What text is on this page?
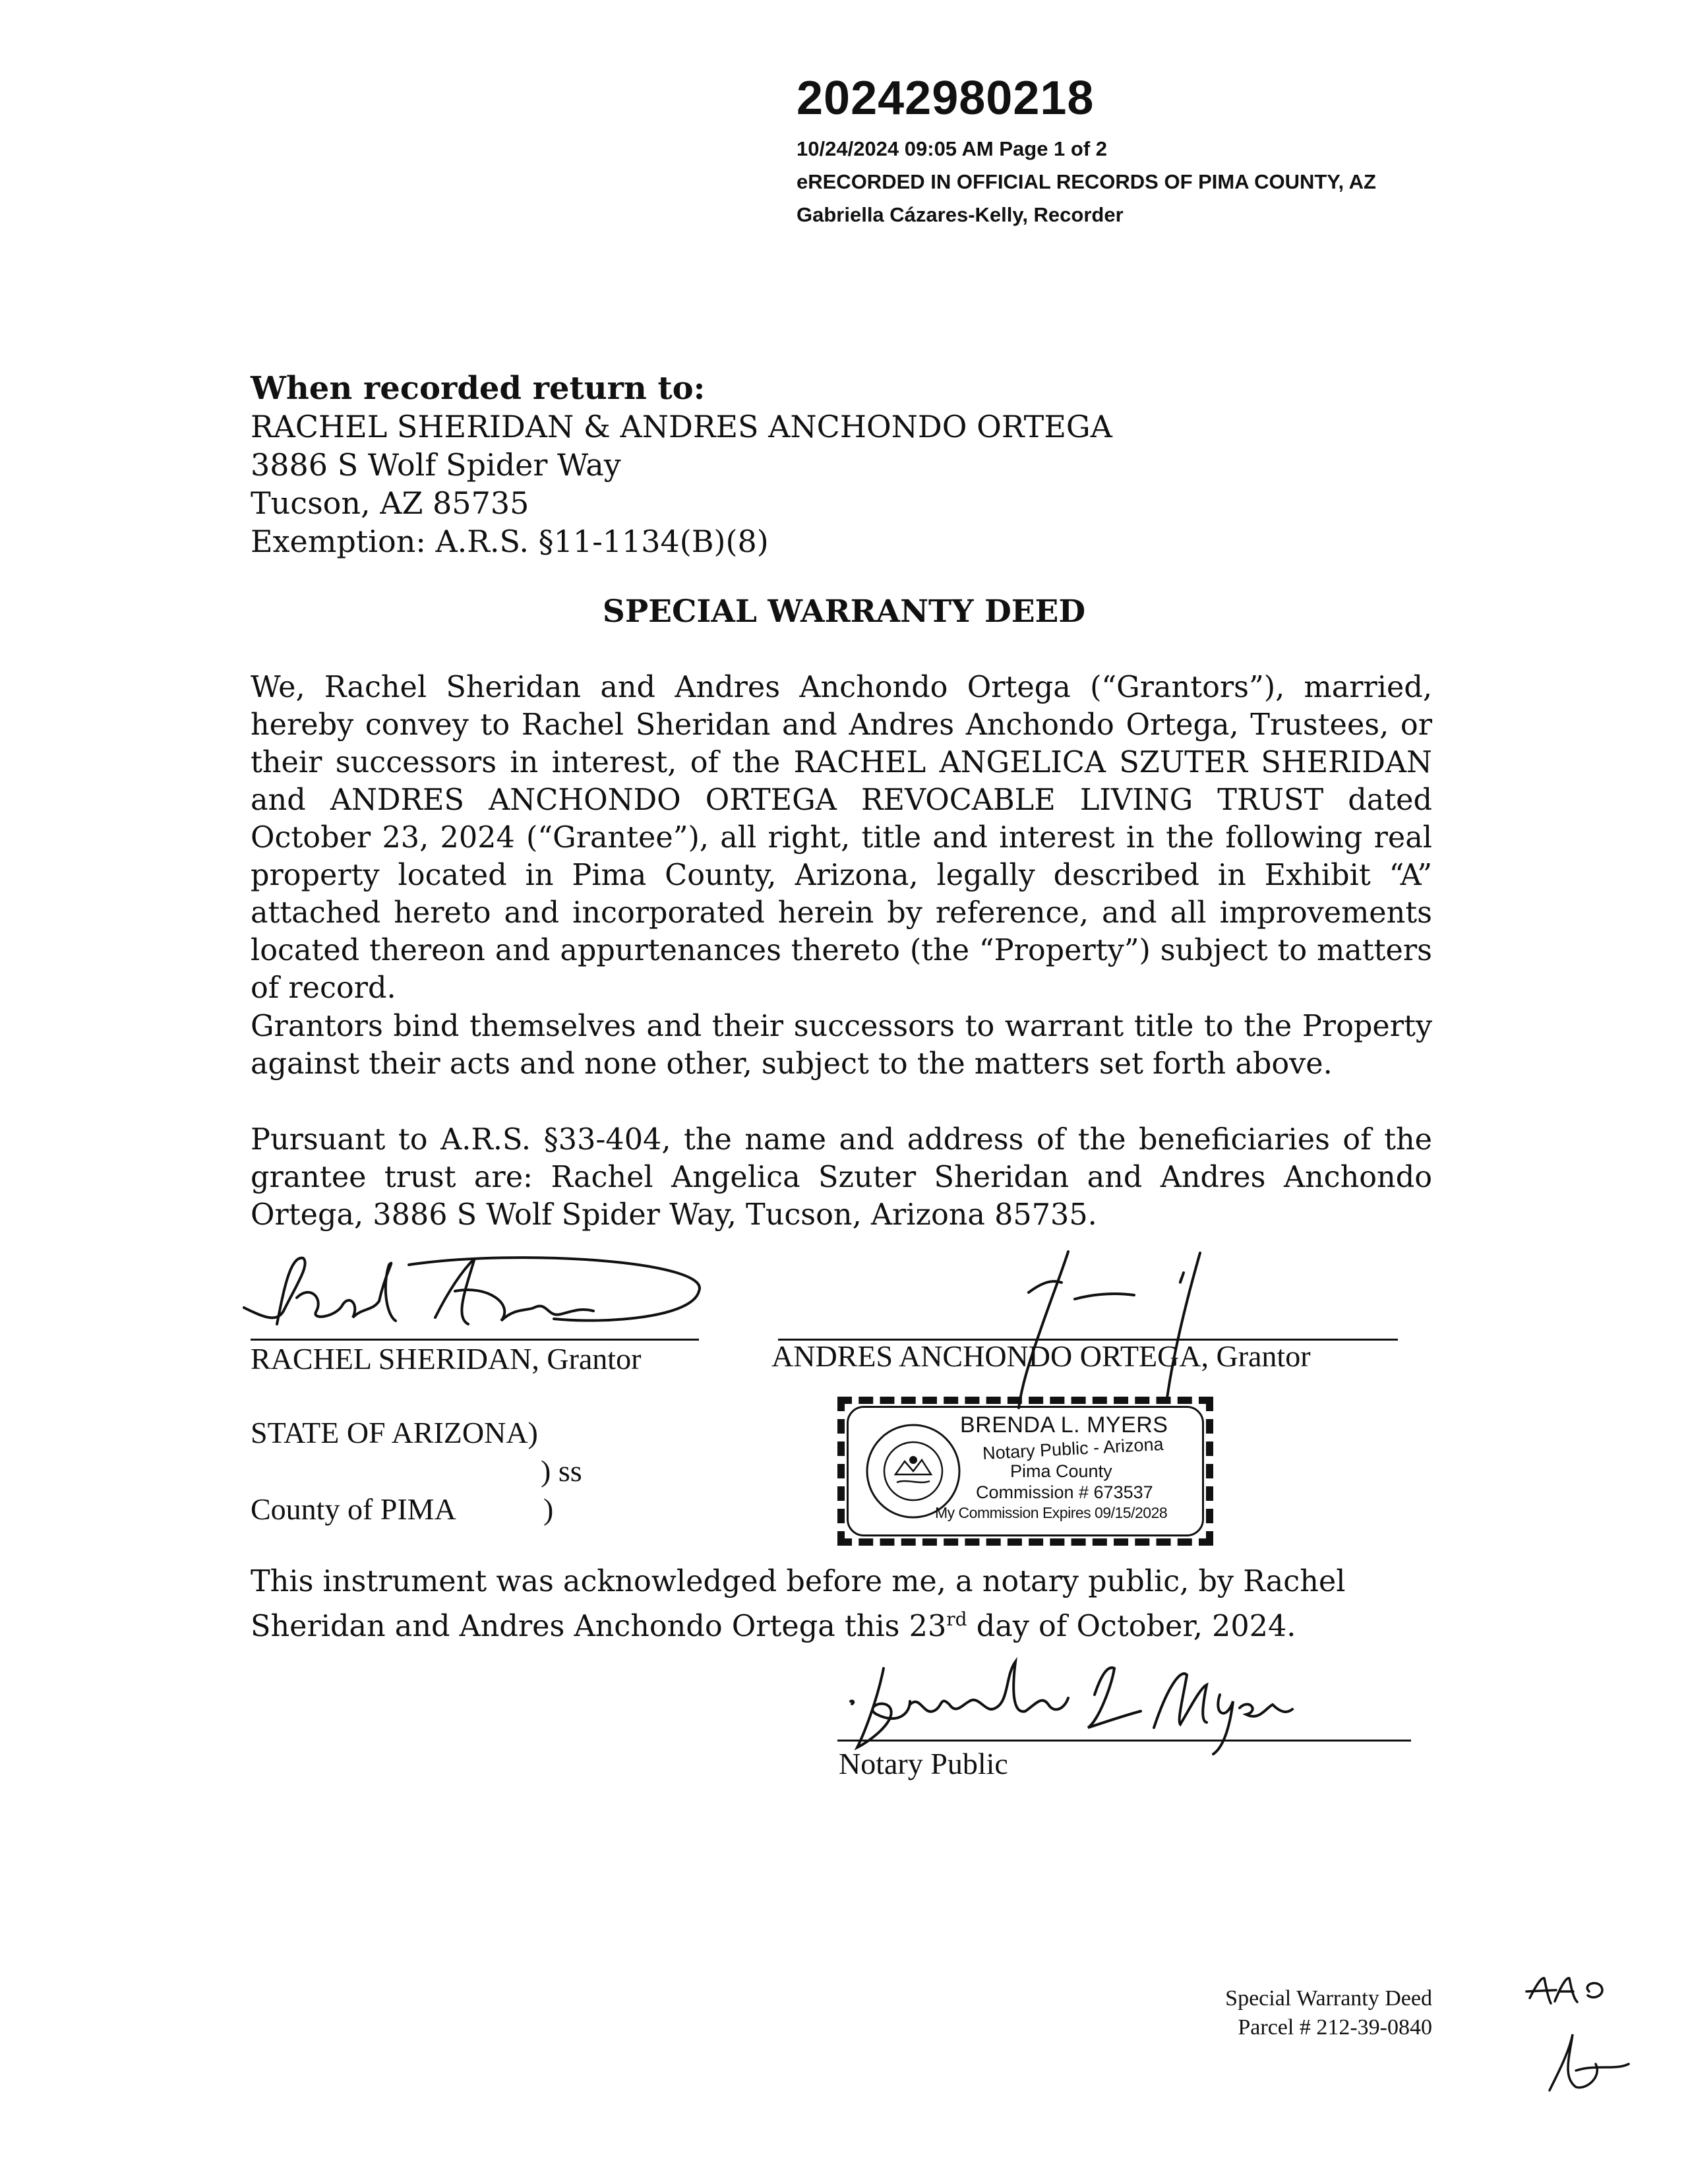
20242980218
10/24/2024 09:05 AM Page 1 of 2
eRECORDED IN OFFICIAL RECORDS OF PIMA COUNTY, AZ
Gabriella Cázares-Kelly, Recorder
When recorded return to:
RACHEL SHERIDAN & ANDRES ANCHONDO ORTEGA
3886 S Wolf Spider Way
Tucson, AZ 85735
Exemption: A.R.S. §11-1134(B)(8)
SPECIAL WARRANTY DEED

We, Rachel Sheridan and Andres Anchondo Ortega (“Grantors”), married, hereby convey to Rachel Sheridan and Andres Anchondo Ortega, Trustees, or their successors in interest, of the RACHEL ANGELICA SZUTER SHERIDAN and ANDRES ANCHONDO ORTEGA REVOCABLE LIVING TRUST dated October 23, 2024 (“Grantee”), all right, title and interest in the following real property located in Pima County, Arizona, legally described in Exhibit “A” attached hereto and incorporated herein by reference, and all improvements located thereon and appurtenances thereto (the “Property”) subject to matters of record.

Grantors bind themselves and their successors to warrant title to the Property against their acts and none other, subject to the matters set forth above.

Pursuant to A.R.S. §33-404, the name and address of the beneficiaries of the grantee trust are: Rachel Angelica Szuter Sheridan and Andres Anchondo Ortega, 3886 S Wolf Spider Way, Tucson, Arizona 85735.

RACHEL SHERIDAN, Grantor	ANDRES ANCHONDO ORTEGA, Grantor
STATE OF ARIZONA)
) ss
County of PIMA	)
BRENDA L. MYERS
Notary Public - Arizona
Pima County
Commission # 673537
My Commission Expires 09/15/2028

This instrument was acknowledged before me, a notary public, by Rachel Sheridan and Andres Anchondo Ortega this 23rd day of October, 2024.

Notary Public
Special Warranty Deed
Parcel # 212-39-0840
